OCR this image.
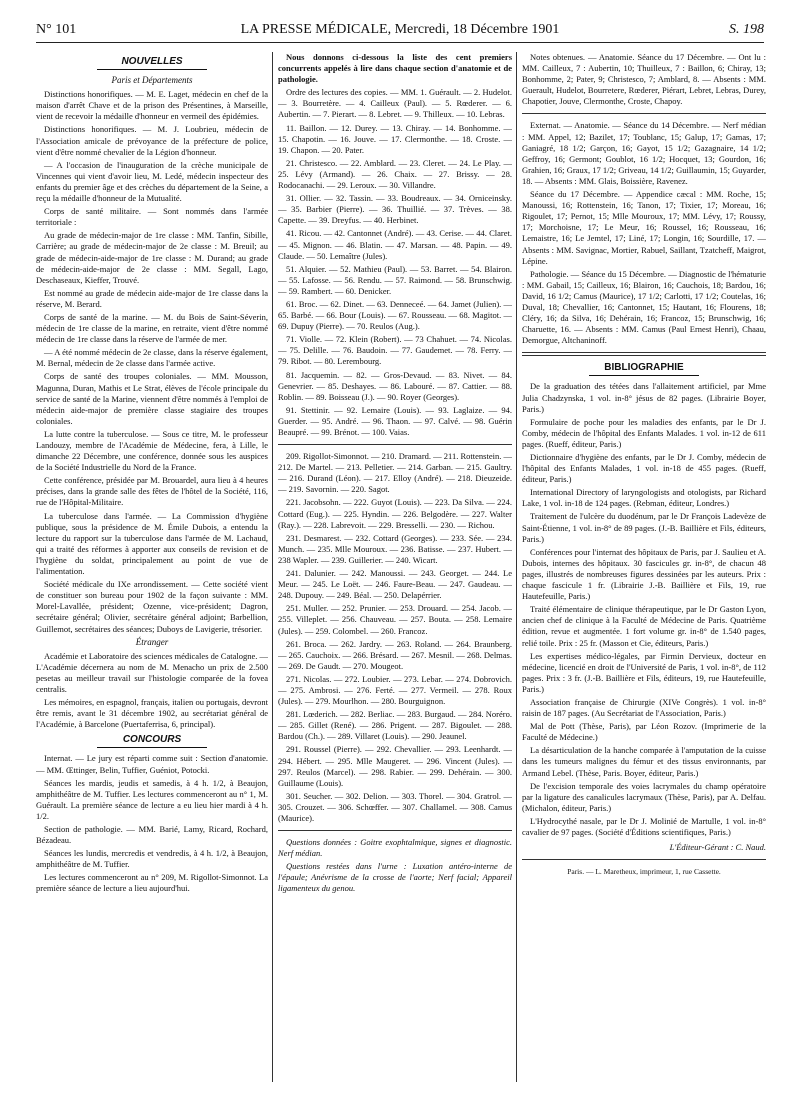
N° 101	LA PRESSE MÉDICALE, Mercredi, 18 Décembre 1901	S. 198
NOUVELLES
Paris et Départements

Distinctions honorifiques. — M. E. Laget, médecin en chef de la maison d'arrêt Chave et de la prison des Présentines, à Marseille, vient de recevoir la médaille d'honneur en vermeil des épidémies.

Distinctions honorifiques. — M. J. Loubrieu, médecin de l'Association amicale de prévoyance de la préfecture de police, vient d'être nommé chevalier de la Légion d'honneur.

— A l'occasion de l'inauguration de la crèche municipale de Vincennes qui vient d'avoir lieu, M. Ledé, médecin inspecteur des enfants du premier âge et des crèches du département de la Seine, a reçu la médaille d'honneur de la Mutualité.

Corps de santé militaire. — Sont nommés dans l'armée territoriale :

Au grade de médecin-major de 1re classe : MM. Tanfin, Sibille, Carrière; au grade de médecin-major de 2e classe : M. Breuil; au grade de médecin-aide-major de 1re classe : M. Durand; au grade de médecin-aide-major de 2e classe : MM. Segall, Lago, Deschaseaux, Kieffer, Trouvé.

Est nommé au grade de médecin aide-major de 1re classe dans la réserve, M. Berard.

Corps de santé de la marine. — M. du Bois de Saint-Séverin, médecin de 1re classe de la marine, en retraite, vient d'être nommé médecin de 1re classe dans la réserve de l'armée de mer.

— A été nommé médecin de 2e classe, dans la réserve également, M. Bernal, médecin de 2e classe dans l'armée active.

Corps de santé des troupes coloniales. — MM. Mousson, Magunna, Duran, Mathis et Le Strat, élèves de l'école principale du service de santé de la Marine, viennent d'être nommés à l'emploi de médecin aide-major de première classe stagiaire des troupes coloniales.

La lutte contre la tuberculose. — Sous ce titre, M. le professeur Landouzy, membre de l'Académie de Médecine, fera, à Lille, le dimanche 22 Décembre, une conférence, donnée sous les auspices de la Société Industrielle du Nord de la France.

Cette conférence, présidée par M. Brouardel, aura lieu à 4 heures précises, dans la grande salle des fêtes de l'hôtel de la Société, 116, rue de l'Hôpital-Militaire.

La tuberculose dans l'armée. — La Commission d'hygiène publique, sous la présidence de M. Émile Dubois, a entendu la lecture du rapport sur la tuberculose dans l'armée de M. Lachaud, qui a traité des réformes à apporter aux conseils de revision et de l'hygiène du soldat, principalement au point de vue de l'alimentation.

Société médicale du IXe arrondissement. — Cette société vient de constituer son bureau pour 1902 de la façon suivante : MM. Morel-Lavallée, président; Ozenne, vice-président; Dagron, secrétaire général; Olivier, secrétaire général adjoint; Barbellion, Guillemot, secrétaires des séances; Duboys de Lavigerie, trésorier.

Étranger

Académie et Laboratoire des sciences médicales de Catalogne. — L'Académie décernera au nom de M. Menacho un prix de 2.500 pesetas au meilleur travail sur l'histologie comparée de la fovea centralis.

Les mémoires, en espagnol, français, italien ou portugais, devront être remis, avant le 31 décembre 1902, au secrétariat général de l'Académie, à Barcelone (Puertaferrisa, 6, principal).

CONCOURS

Internat. — Le jury est réparti comme suit : Section d'anatomie. — MM. Œttinger, Belin, Tuffier, Guéniot, Potocki.

Séances les mardis, jeudis et samedis, à 4 h. 1/2, à Beaujon, amphithéâtre de M. Tuffier. Les lectures commenceront au n° 1, M. Guérault. La première séance de lecture a eu lieu hier mardi à 4 h. 1/2.

Section de pathologie. — MM. Barié, Lamy, Ricard, Rochard, Bézadeau.

Séances les lundis, mercredis et vendredis, à 4 h. 1/2, à Beaujon, amphithéâtre de M. Tuffier.

Les lectures commenceront au n° 209, M. Rigollot-Simonnot. La première séance de lecture a lieu aujourd'hui.

Nous donnons ci-dessous la liste des cent premiers concurrents appelés à lire dans chaque section d'anatomie et de pathologie.

Ordre des lectures des copies. — MM. 1. Guérault. — 2. Hudelot. — 3. Bourretère. — 4. Cailleux (Paul). — 5. Rœderer. — 6. Aubertin. — 7. Pierart. — 8. Lebret. — 9. Thilleux. — 10. Lebras.

11. Baillon. — 12. Durey. — 13. Chiray. — 14. Bonhomme. — 15. Chapotin. — 16. Jouve. — 17. Clermonthe. — 18. Croste. — 19. Chapon. — 20. Pater.

21. Christesco. — 22. Amblard. — 23. Cleret. — 24. Le Play. — 25. Lévy (Armand). — 26. Chaix. — 27. Brissy. — 28. Rodocanachi. — 29. Leroux. — 30. Villandre.

31. Ollier. — 32. Tassin. — 33. Boudreaux. — 34. Orniceinsky. — 35. Barbier (Pierre). — 36. Thuillié. — 37. Trèves. — 38. Capette. — 39. Dreyfus. — 40. Herbinet.

41. Ricou. — 42. Cantonnet (André). — 43. Cerise. — 44. Claret. — 45. Mignon. — 46. Blatin. — 47. Marsan. — 48. Papin. — 49. Claude. — 50. Lemaître (Jules).

51. Alquier. — 52. Mathieu (Paul). — 53. Barret. — 54. Blairon. — 55. Lafosse. — 56. Rendu. — 57. Raimond. — 58. Brunschwig. — 59. Rambert. — 60. Denicker.

61. Broc. — 62. Dinet. — 63. Denneceé. — 64. Jamet (Julien). — 65. Barbé. — 66. Bour (Louis). — 67. Rousseau. — 68. Magitot. — 69. Dupuy (Pierre). — 70. Reulos (Aug.).

71. Violle. — 72. Klein (Robert). — 73 Chahuet. — 74. Nicolas. — 75. Delille. — 76. Baudoin. — 77. Gaudemet. — 78. Ferry. — 79. Ribot. — 80. Lerembourg.

81. Jacquemin. — 82. — Gros-Devaud. — 83. Nivet. — 84. Genevrier. — 85. Deshayes. — 86. Labouré. — 87. Cattier. — 88. Roblin. — 89. Boisseau (J.). — 90. Royer (Georges).

91. Stettinir. — 92. Lemaire (Louis). — 93. Laglaize. — 94. Guerder. — 95. André. — 96. Thaon. — 97. Calvé. — 98. Guérin Beaupré. — 99. Brénot. — 100. Vaias.

209. Rigollot-Simonnot. — 210. Dramard. — 211. Rottenstein. — 212. De Martel. — 213. Pelletier. — 214. Garban. — 215. Gaultry. — 216. Durand (Léon). — 217. Elloy (André). — 218. Dieuzeide. — 219. Savornin. — 220. Sagot.

221. Jacobsohn. — 222. Guyot (Louis). — 223. Da Silva. — 224. Cottard (Eug.). — 225. Hyndin. — 226. Belgodère. — 227. Walter (Ray.). — 228. Labrevoit. — 229. Bresselli. — 230. — Richou.

231. Desmarest. — 232. Cottard (Georges). — 233. Sée. — 234. Munch. — 235. Mlle Mouroux. — 236. Batisse. — 237. Hubert. — 238 Wapler. — 239. Guillerier. — 240. Wicart.

241. Dalunier. — 242. Manoussi. — 243. Georget. — 244. Le Meur. — 245. Le Loët. — 246. Faure-Beau. — 247. Gaudeau. — 248. Dupouy. — 249. Béal. — 250. Delapérrier.

251. Muller. — 252. Prunier. — 253. Drouard. — 254. Jacob. — 255. Villeplet. — 256. Chauveau. — 257. Bouta. — 258. Lemaire (Jules). — 259. Colombel. — 260. Francoz.

261. Broca. — 262. Jardry. — 263. Roland. — 264. Braunberg. — 265. Cauchoix. — 266. Brésard. — 267. Mesnil. — 268. Delmas. — 269. De Gaudt. — 270. Mougeot.

271. Nicolas. — 272. Loubier. — 273. Lebar. — 274. Dobrovich. — 275. Ambrosi. — 276. Ferté. — 277. Vermeil. — 278. Roux (Jules). — 279. Mourlhon. — 280. Bourguignon.

281. Lœderich. — 282. Berliac. — 283. Burgaud. — 284. Noréro. — 285. Gillet (René). — 286. Prigent. — 287. Bigoulet. — 288. Bardou (Ch.). — 289. Villaret (Louis). — 290. Jeaunel.

291. Roussel (Pierre). — 292. Chevallier. — 293. Leenhardt. — 294. Hébert. — 295. Mlle Maugeret. — 296. Vincent (Jules). — 297. Reulos (Marcel). — 298. Rabier. — 299. Dehérain. — 300. Guillaume (Louis).

301. Seucher. — 302. Delion. — 303. Thorel. — 304. Gratrol. — 305. Crouzet. — 306. Schœffer. — 307. Challamel. — 308. Camus (Maurice).

Questions données : Goitre exophtalmique, signes et diagnostic. Nerf médian.

Questions restées dans l'urne : Luxation antéro-interne de l'épaule; Anévrisme de la crosse de l'aorte; Nerf facial; Appareil ligamenteux du genou.

Notes obtenues. — Anatomie. Séance du 17 Décembre. — Ont lu : MM. Cailleux, 7 : Aubertin, 10; Thuilleux, 7 : Baillon, 6; Chiray, 13; Bonhomme, 2; Pater, 9; Christesco, 7; Amblard, 8. — Absents : MM. Guerault, Hudelot, Bourretere, Rœderer, Piérart, Lebret, Lebras, Durey, Chapotier, Jouve, Clermonthe, Croste, Chapoy.

Externat. — Anatomie. — Séance du 14 Décembre. — Nerf médian : MM. Appel, 12; Bazilet, 17; Toublanc, 15; Galup, 17; Gamas, 17; Ganiagré, 18 1/2; Garçon, 16; Gayot, 15 1/2; Gazagnaire, 14 1/2; Geffroy, 16; Germont; Goublot, 16 1/2; Hocquet, 13; Gourdon, 16; Grahien, 16; Graux, 17 1/2; Griveau, 14 1/2; Guillaumin, 15; Guyarder, 18. — Absents : MM. Glais, Boissière, Ravenez.

Séance du 17 Décembre. — Appendice cæcal : MM. Roche, 15; Manoussi, 16; Rottenstein, 16; Tanon, 17; Tixier, 17; Moreau, 16; Rigoulet, 17; Pernot, 15; Mlle Mouroux, 17; MM. Lévy, 17; Roussy, 17; Morchoisne, 17; Le Meur, 16; Roussel, 16; Rousseau, 16; Lemaistre, 16; Le Jemtel, 17; Liné, 17; Longin, 16; Sourdille, 17. — Absents : MM. Savignac, Mortier, Rabuel, Saillant, Tzatcheff, Maigrot, Lépine.

Pathologie. — Séance du 15 Décembre. — Diagnostic de l'hématurie : MM. Gabail, 15; Cailleux, 16; Blairon, 16; Cauchois, 18; Bardou, 16; David, 16 1/2; Camus (Maurice), 17 1/2; Carlotti, 17 1/2; Coutelas, 16; Duval, 18; Chevallier, 16; Cantonnet, 15; Hautant, 16; Flourens, 18; Cléry, 16; da Silva, 16; Dehérain, 16; Francoz, 15; Brunschwig, 16; Charuette, 16. — Absents : MM. Camus (Paul Ernest Henri), Chaau, Demorgue, Altchaninoff.

BIBLIOGRAPHIE

De la graduation des tétées dans l'allaitement artificiel, par Mme Julia Chadzynska, 1 vol. in-8° jésus de 82 pages. (Librairie Boyer, Paris.)

Formulaire de poche pour les maladies des enfants, par le Dr J. Comby, médecin de l'hôpital des Enfants Malades. 1 vol. in-12 de 611 pages. (Rueff, éditeur, Paris.)

Dictionnaire d'hygiène des enfants, par le Dr J. Comby, médecin de l'hôpital des Enfants Malades, 1 vol. in-18 de 455 pages. (Rueff, éditeur, Paris.)

International Directory of laryngologists and otologists, par Richard Lake, 1 vol. in-18 de 124 pages. (Rebman, éditeur, Londres.)

Traitement de l'ulcère du duodénum, par le Dr François Ladevèze de Saint-Étienne, 1 vol. in-8° de 89 pages. (J.-B. Baillière et Fils, éditeurs, Paris.)

Conférences pour l'internat des hôpitaux de Paris, par J. Saulieu et A. Dubois, internes des hôpitaux. 30 fascicules gr. in-8°, de chacun 48 pages, illustrés de nombreuses figures dessinées par les auteurs. Prix : chaque fascicule 1 fr. (Librairie J.-B. Baillière et Fils, 19, rue Hautefeuille, Paris.)

Traité élémentaire de clinique thérapeutique, par le Dr Gaston Lyon, ancien chef de clinique à la Faculté de Médecine de Paris. Quatrième édition, revue et augmentée. 1 fort volume gr. in-8° de 1.540 pages, relié toile. Prix : 25 fr. (Masson et Cie, éditeurs, Paris.)

Les expertises médico-légales, par Firmin Dervieux, docteur en médecine, licencié en droit de l'Université de Paris, 1 vol. in-8°, de 112 pages. Prix : 3 fr. (J.-B. Baillière et Fils, éditeurs, 19, rue Hautefeuille, Paris.)

Association française de Chirurgie (XIVe Congrès). 1 vol. in-8° raisin de 187 pages. (Au Secrétariat de l'Association, Paris.)

Mal de Pott (Thèse, Paris), par Léon Rozov. (Imprimerie de la Faculté de Médecine.)

La désarticulation de la hanche comparée à l'amputation de la cuisse dans les tumeurs malignes du fémur et des tissus environnants, par Armand Lebel. (Thèse, Paris. Boyer, éditeur, Paris.)

De l'excision temporale des voies lacrymales du champ opératoire par la ligature des canalicules lacrymaux (Thèse, Paris), par A. Delfau. (Michalon, éditeur, Paris.)

L'Hydrocythé nasale, par le Dr J. Molinié de Martulle, 1 vol. in-8° cavalier de 97 pages. (Société d'Éditions scientifiques, Paris.)

L'Éditeur-Gérant : C. Naud.
Paris. — L. Maretheux, imprimeur, 1, rue Cassette.
